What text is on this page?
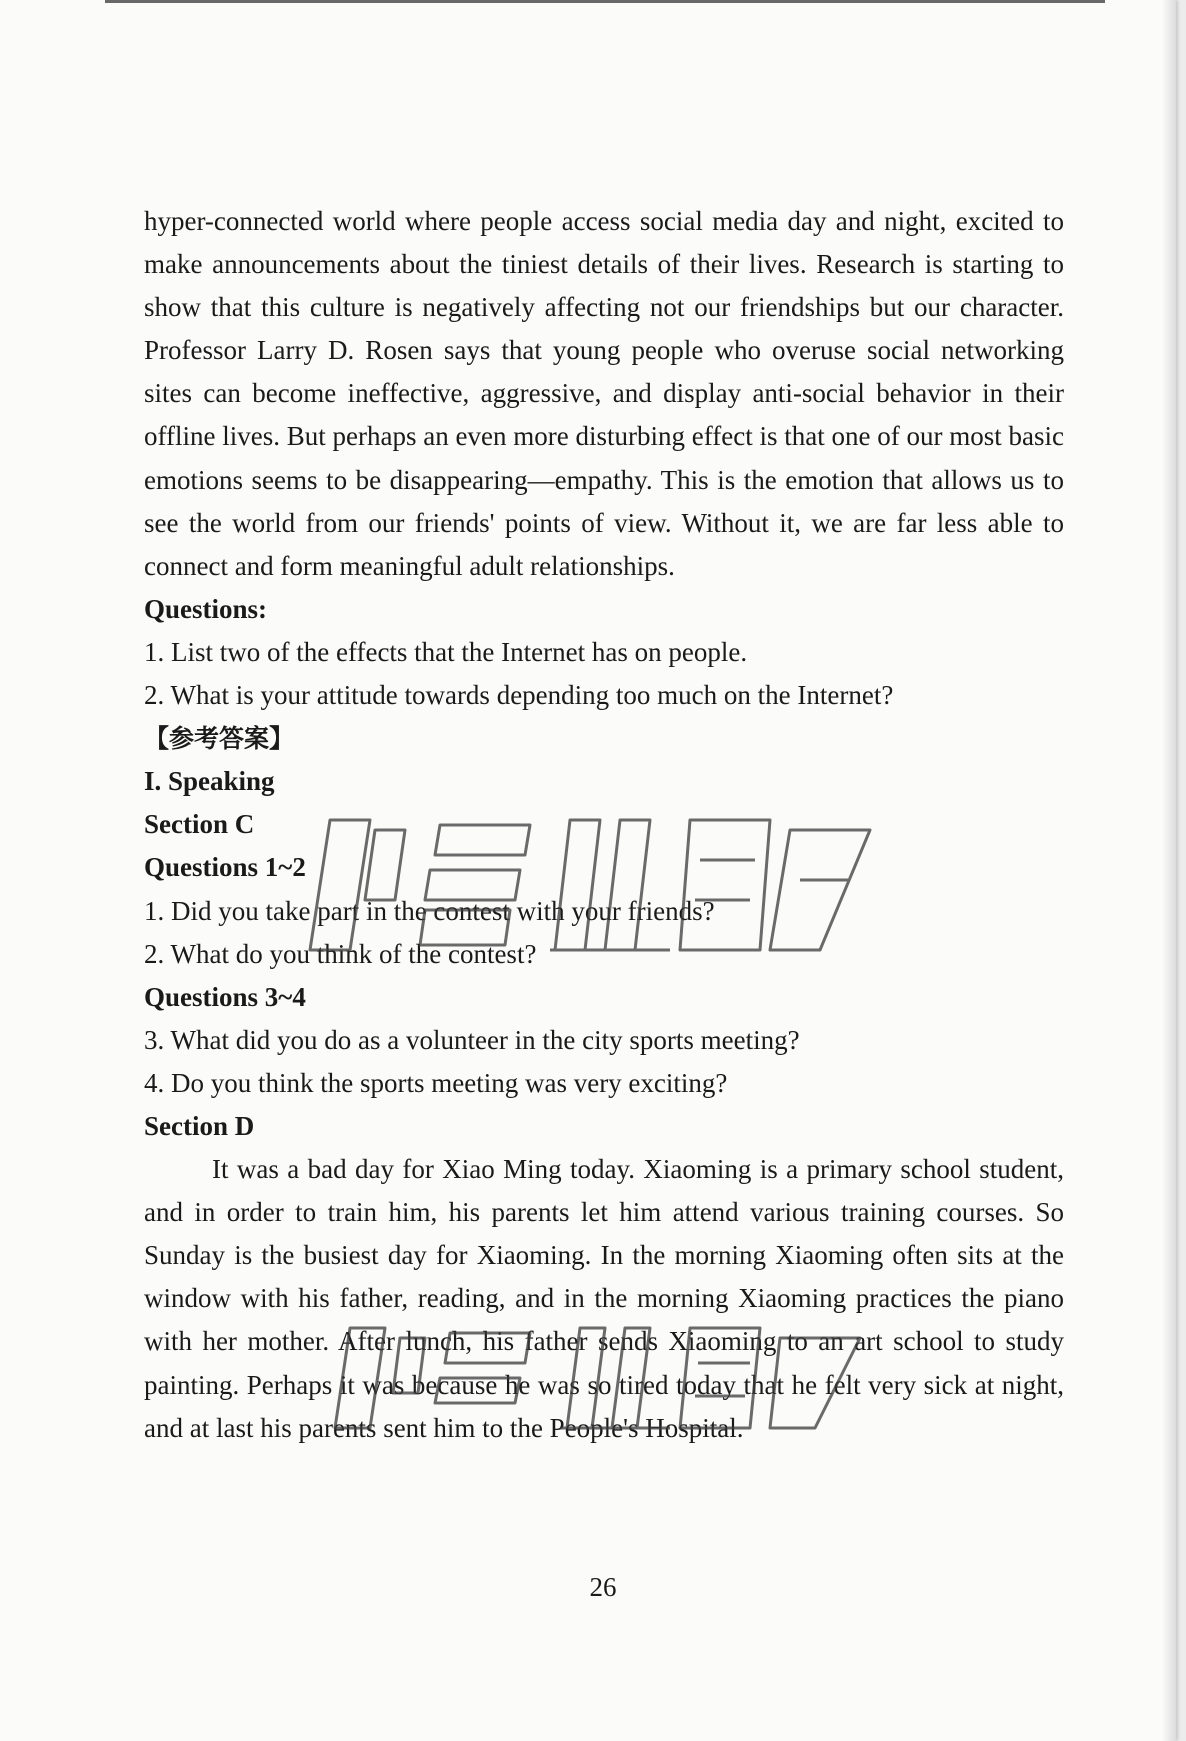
hyper-connected world where people access social media day and night, excited to make announcements about the tiniest details of their lives. Research is starting to show that this culture is negatively affecting not our friendships but our character. Professor Larry D. Rosen says that young people who overuse social networking sites can become ineffective, aggressive, and display anti-social behavior in their offline lives. But perhaps an even more disturbing effect is that one of our most basic emotions seems to be disappearing—empathy. This is the emotion that allows us to see the world from our friends' points of view. Without it, we are far less able to connect and form meaningful adult relationships.

Questions:

1. List two of the effects that the Internet has on people.

2. What is your attitude towards depending too much on the Internet?

【参考答案】

I. Speaking

Section C

Questions 1~2

1. Did you take part in the contest with your friends?

2. What do you think of the contest?

Questions 3~4

3. What did you do as a volunteer in the city sports meeting?

4. Do you think the sports meeting was very exciting?

Section D

It was a bad day for Xiao Ming today. Xiaoming is a primary school student, and in order to train him, his parents let him attend various training courses. So Sunday is the busiest day for Xiaoming. In the morning Xiaoming often sits at the window with his father, reading, and in the morning Xiaoming practices the piano with her mother. After lunch, his father sends Xiaoming to an art school to study painting. Perhaps it was because he was so tired today that he felt very sick at night, and at last his parents sent him to the People's Hospital.

26
